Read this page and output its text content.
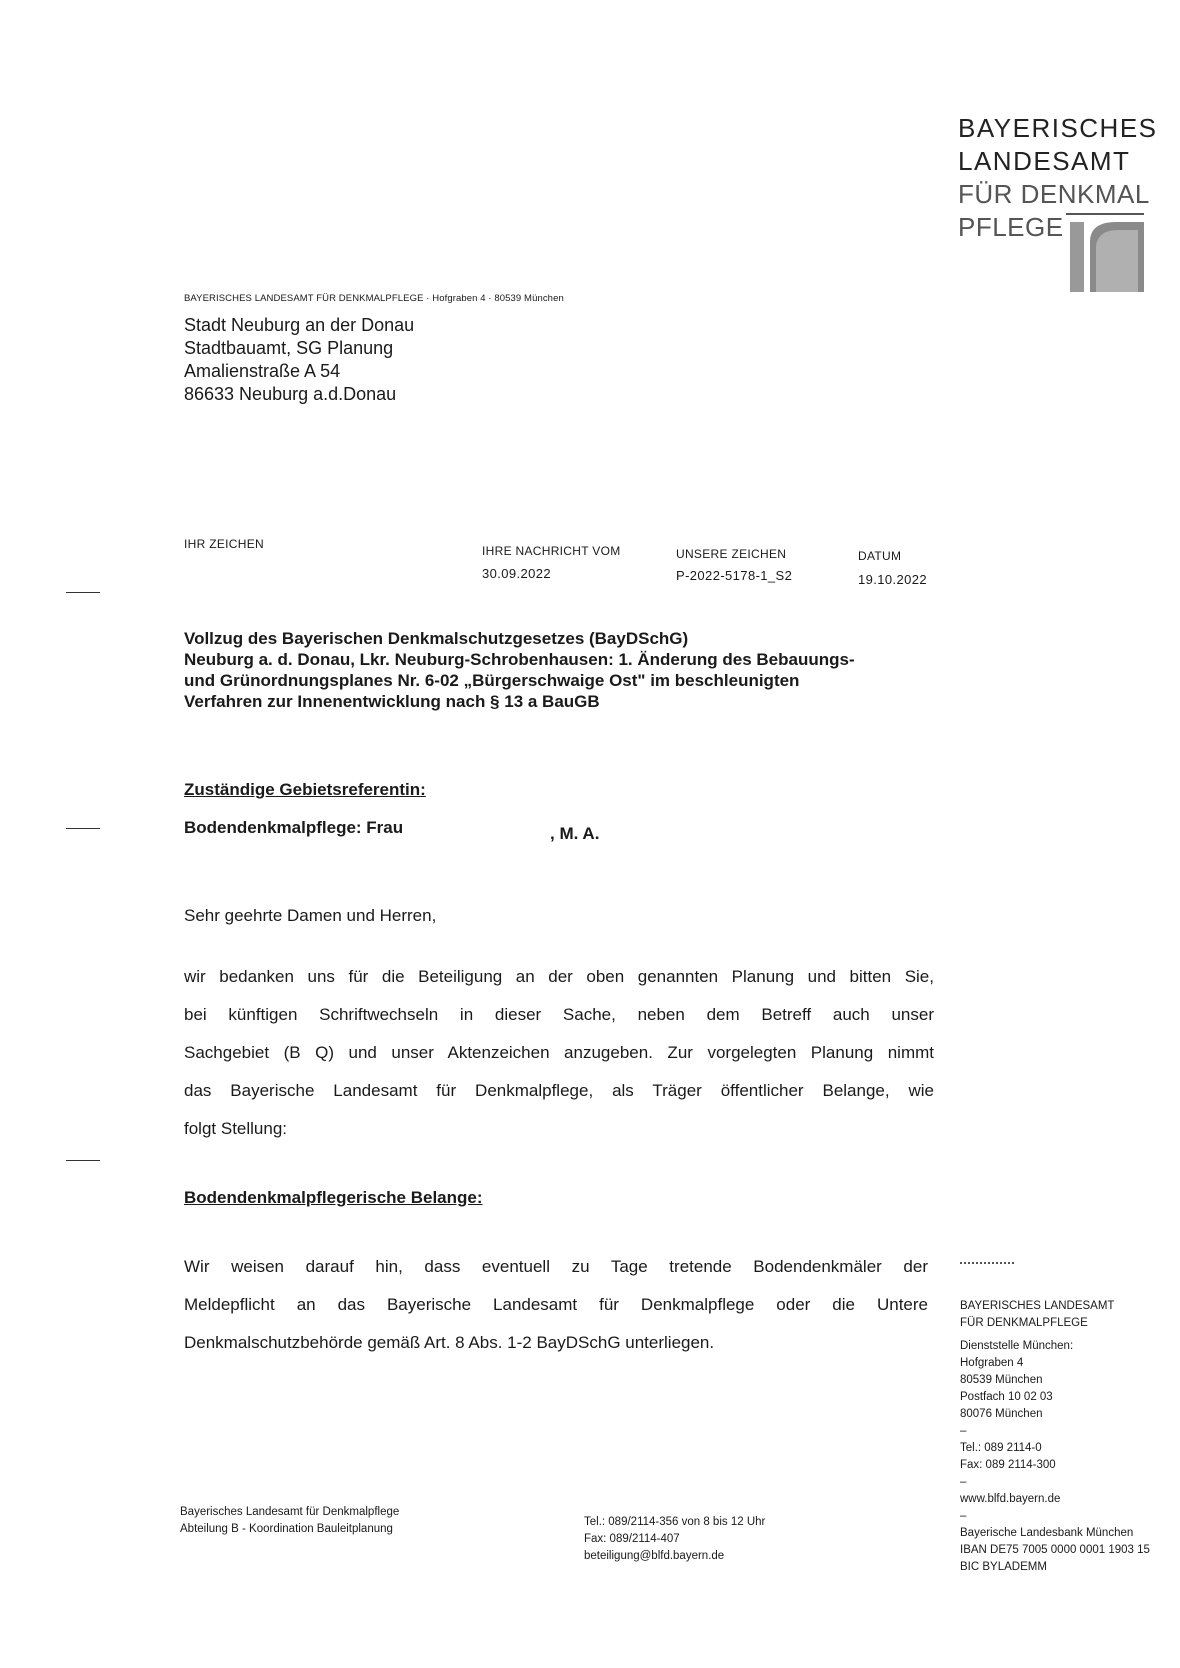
BAYERISCHES
LANDESAMT
FÜR DENKMAL
PFLEGE
BAYERISCHES LANDESAMT FÜR DENKMALPFLEGE · Hofgraben 4 · 80539 München
Stadt Neuburg an der Donau
Stadtbauamt, SG Planung
Amalienstraße A 54
86633 Neuburg a.d.Donau
IHR ZEICHEN	IHRE NACHRICHT VOM
30.09.2022
UNSERE ZEICHEN
P-2022-5178-1_S2
DATUM
19.10.2022
Vollzug des Bayerischen Denkmalschutzgesetzes (BayDSchG)
Neuburg a. d. Donau, Lkr. Neuburg-Schrobenhausen: 1. Änderung des Bebauungs-
und Grünordnungsplanes Nr. 6-02 „Bürgerschwaige Ost" im beschleunigten
Verfahren zur Innenentwicklung nach § 13 a BauGB
Zuständige Gebietsreferentin:
Bodendenkmalpflege: Frau	, M. A.
Sehr geehrte Damen und Herren,
wir bedanken uns für die Beteiligung an der oben genannten Planung und bitten Sie,
bei künftigen Schriftwechseln in dieser Sache, neben dem Betreff auch unser
Sachgebiet (B Q) und unser Aktenzeichen anzugeben. Zur vorgelegten Planung nimmt
das Bayerische Landesamt für Denkmalpflege, als Träger öffentlicher Belange, wie
folgt Stellung:
Bodendenkmalpflegerische Belange:
Wir weisen darauf hin, dass eventuell zu Tage tretende Bodendenkmäler der
Meldepflicht an das Bayerische Landesamt für Denkmalpflege oder die Untere
Denkmalschutzbehörde gemäß Art. 8 Abs. 1-2 BayDSchG unterliegen.
BAYERISCHES LANDESAMT
FÜR DENKMALPFLEGE
Dienststelle München:
Hofgraben 4
80539 München
Postfach 10 02 03
80076 München
–
Tel.: 089 2114-0
Fax: 089 2114-300
–
www.blfd.bayern.de
–
Bayerische Landesbank München
IBAN DE75 7005 0000 0001 1903 15
BIC BYLADEMM
Bayerisches Landesamt für Denkmalpflege
Abteilung B - Koordination Bauleitplanung
Tel.: 089/2114-356 von 8 bis 12 Uhr
Fax: 089/2114-407
beteiligung@blfd.bayern.de
